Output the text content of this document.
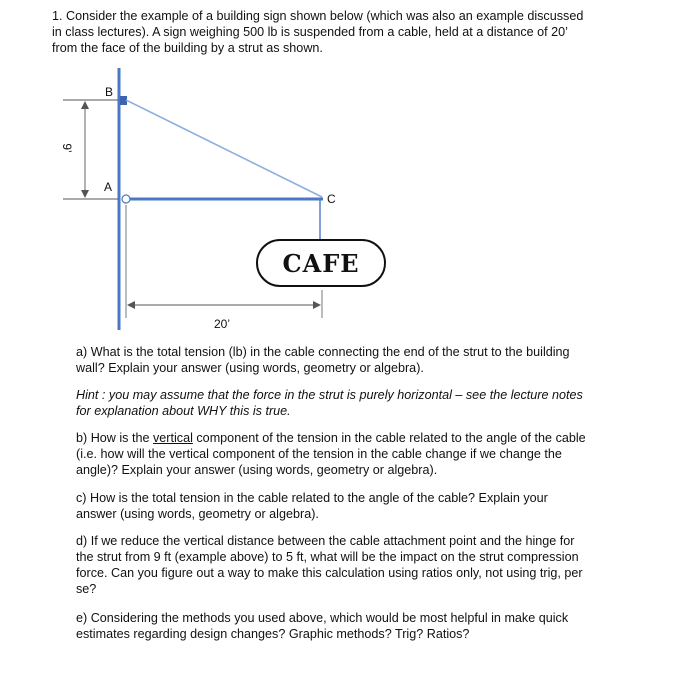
1. Consider the example of a building sign shown below (which was also an example discussed
in class lectures). A sign weighing 500 lb is suspended from a cable, held at a distance of 20’
from the face of the building by a strut as shown.
CAFE
9’
B
A
C
20’
a) What is the total tension (lb) in the cable connecting the end of the strut to the building
wall? Explain your answer (using words, geometry or algebra).
Hint : you may assume that the force in the strut is purely horizontal – see the lecture notes
for explanation about WHY this is true.
b) How is the vertical component of the tension in the cable related to the angle of the cable
(i.e. how will the vertical component of the tension in the cable change if we change the
angle)? Explain your answer (using words, geometry or algebra).
c) How is the total tension in the cable related to the angle of the cable? Explain your
answer (using words, geometry or algebra).
d) If we reduce the vertical distance between the cable attachment point and the hinge for
the strut from 9 ft (example above) to 5 ft, what will be the impact on the strut compression
force. Can you figure out a way to make this calculation using ratios only, not using trig, per
se?
e) Considering the methods you used above, which would be most helpful in make quick
estimates regarding design changes? Graphic methods? Trig? Ratios?
